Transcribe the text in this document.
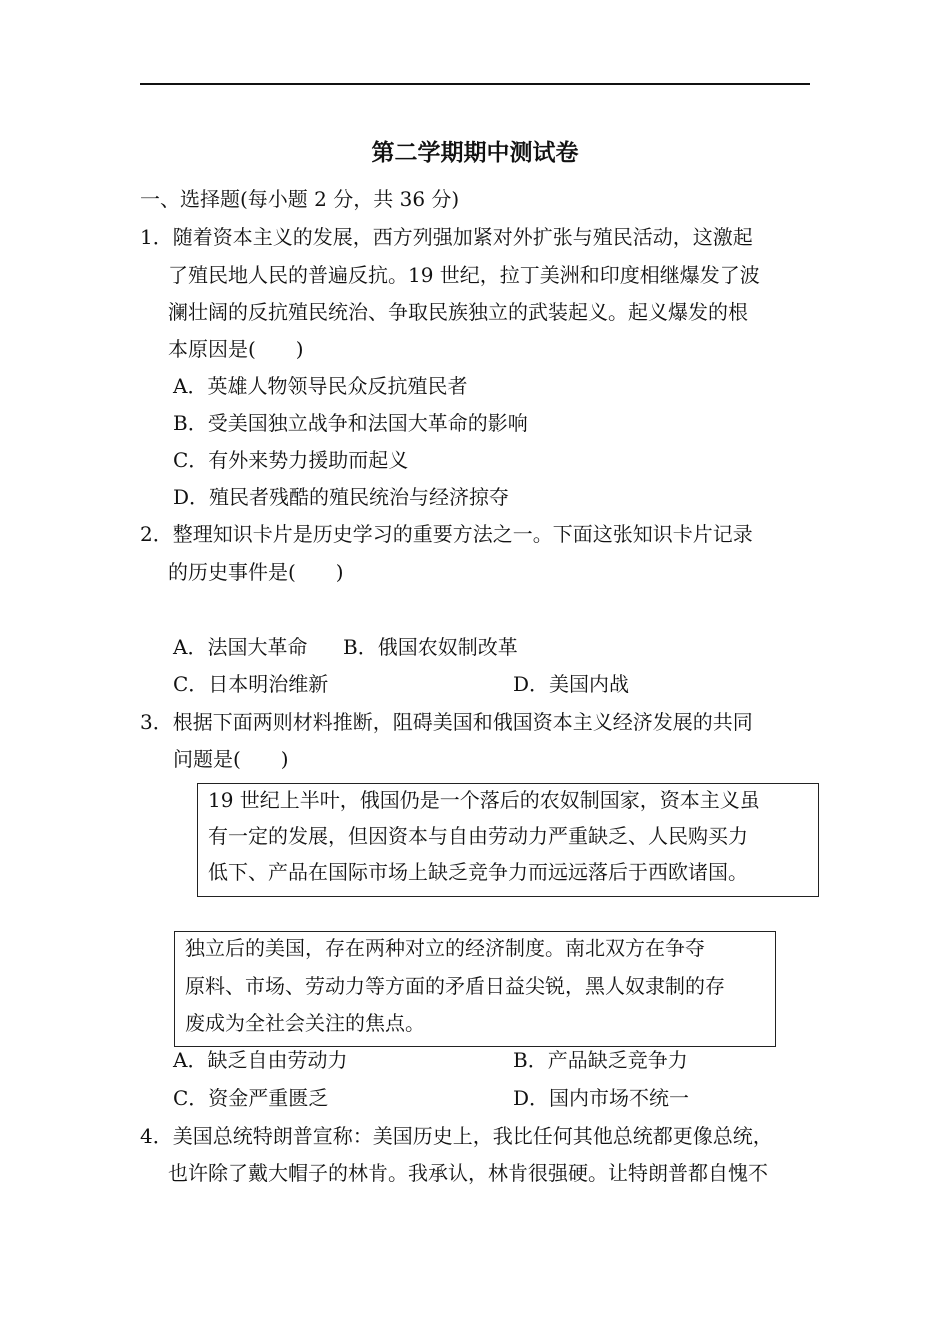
第二学期期中测试卷
一、选择题(每小题 2 分，共 36 分)
1．随着资本主义的发展，西方列强加紧对外扩张与殖民活动，这激起
了殖民地人民的普遍反抗。19 世纪，拉丁美洲和印度相继爆发了波
澜壮阔的反抗殖民统治、争取民族独立的武装起义。起义爆发的根
本原因是(　　)
A．英雄人物领导民众反抗殖民者
B．受美国独立战争和法国大革命的影响
C．有外来势力援助而起义
D．殖民者残酷的殖民统治与经济掠夺
2．整理知识卡片是历史学习的重要方法之一。下面这张知识卡片记录
的历史事件是(　　)
A．法国大革命 B．俄国农奴制改革
C．日本明治维新	D．美国内战
3．根据下面两则材料推断，阻碍美国和俄国资本主义经济发展的共同
问题是(　　)
19 世纪上半叶，俄国仍是一个落后的农奴制国家，资本主义虽
有一定的发展，但因资本与自由劳动力严重缺乏、人民购买力
低下、产品在国际市场上缺乏竞争力而远远落后于西欧诸国。
独立后的美国，存在两种对立的经济制度。南北双方在争夺
原料、市场、劳动力等方面的矛盾日益尖锐，黑人奴隶制的存
废成为全社会关注的焦点。
A．缺乏自由劳动力	B．产品缺乏竞争力
C．资金严重匮乏	D．国内市场不统一
4．美国总统特朗普宣称：美国历史上，我比任何其他总统都更像总统，
也许除了戴大帽子的林肯。我承认，林肯很强硬。让特朗普都自愧不
